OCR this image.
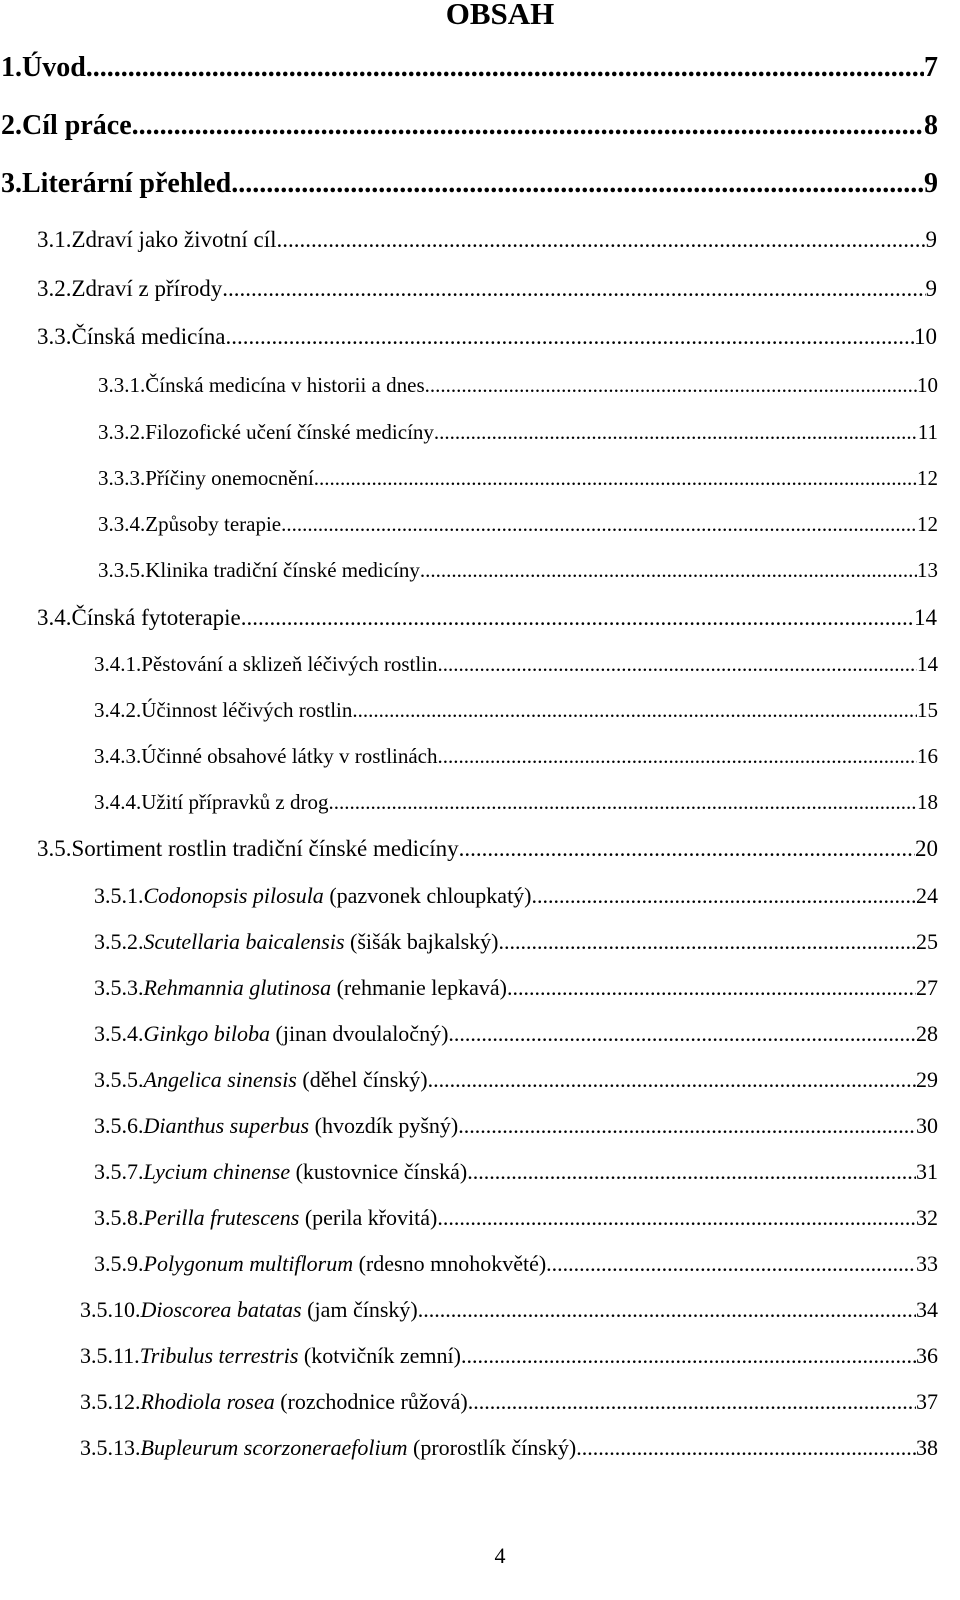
OBSAH
1. Úvod .....	7
2. Cíl práce .....	8
3. Literární přehled .....	9
3.1. Zdraví jako životní cíl .....	9
3.2. Zdraví z přírody .....	9
3.3. Čínská medicína .....	10
3.3.1. Čínská medicína v historii a dnes .....	10
3.3.2. Filozofické učení čínské medicíny .....	11
3.3.3. Příčiny onemocnění .....	12
3.3.4. Způsoby terapie .....	12
3.3.5. Klinika tradiční čínské medicíny .....	13
3.4. Čínská fytoterapie .....	14
3.4.1. Pěstování a sklizeň léčivých rostlin .....	14
3.4.2. Účinnost léčivých rostlin .....	15
3.4.3. Účinné obsahové látky v rostlinách .....	16
3.4.4. Užití přípravků z drog .....	18
3.5. Sortiment rostlin tradiční čínské medicíny .....	20
3.5.1. Codonopsis pilosula (pazvonek chloupkatý) .....	24
3.5.2. Scutellaria baicalensis (šišák bajkalský) .....	25
3.5.3. Rehmannia glutinosa (rehmanie lepkavá) .....	27
3.5.4. Ginkgo biloba (jinan dvoulaločný) .....	28
3.5.5. Angelica sinensis (děhel čínský) .....	29
3.5.6. Dianthus superbus (hvozdík pyšný) .....	30
3.5.7. Lycium chinense (kustovnice čínská) .....	31
3.5.8. Perilla frutescens (perila křovitá) .....	32
3.5.9. Polygonum multiflorum (rdesno mnohokvěté) .....	33
3.5.10. Dioscorea batatas (jam čínský) .....	34
3.5.11. Tribulus terrestris (kotvičník zemní) .....	36
3.5.12. Rhodiola rosea (rozchodnice růžová) .....	37
3.5.13. Bupleurum scorzoneraefolium (prorostlík čínský) .....	38
4
